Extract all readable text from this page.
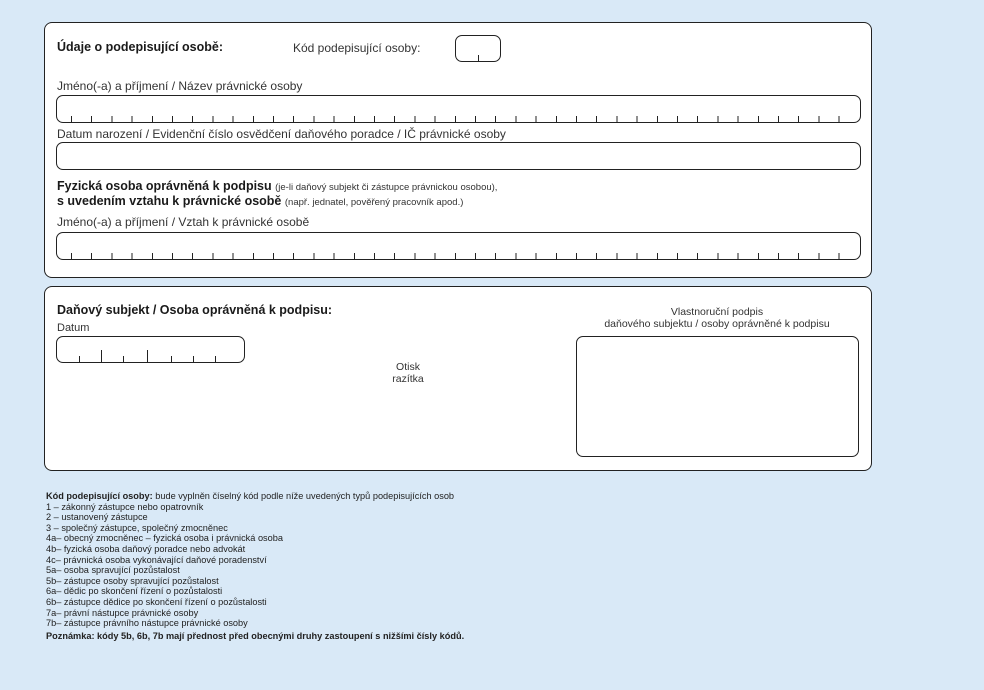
Údaje o podepisující osobě:	Kód podepisující osoby:
Jméno(-a) a příjmení / Název právnické osoby
Datum narození / Evidenční číslo osvědčení daňového poradce / IČ právnické osoby
Fyzická osoba oprávněná k podpisu (je-li daňový subjekt či zástupce právnickou osobou),
s uvedením vztahu k právnické osobě (např. jednatel, pověřený pracovník apod.)
Jméno(-a) a příjmení / Vztah k právnické osobě
Daňový subjekt / Osoba oprávněná k podpisu:
Datum
Otisk
razítka
Vlastnoruční podpis
daňového subjektu / osoby oprávněné k podpisu
Kód podepisující osoby: bude vyplněn číselný kód podle níže uvedených typů podepisujících osob
1 – zákonný zástupce nebo opatrovník
2 – ustanovený zástupce
3 – společný zástupce, společný zmocněnec
4a– obecný zmocněnec – fyzická osoba i právnická osoba
4b– fyzická osoba daňový poradce nebo advokát
4c– právnická osoba vykonávající daňové poradenství
5a– osoba spravující pozůstalost
5b– zástupce osoby spravující pozůstalost
6a– dědic po skončení řízení o pozůstalosti
6b– zástupce dědice po skončení řízení o pozůstalosti
7a– právní nástupce právnické osoby
7b– zástupce právního nástupce právnické osoby
Poznámka: kódy 5b, 6b, 7b mají přednost před obecnými druhy zastoupení s nižšími čísly kódů.
